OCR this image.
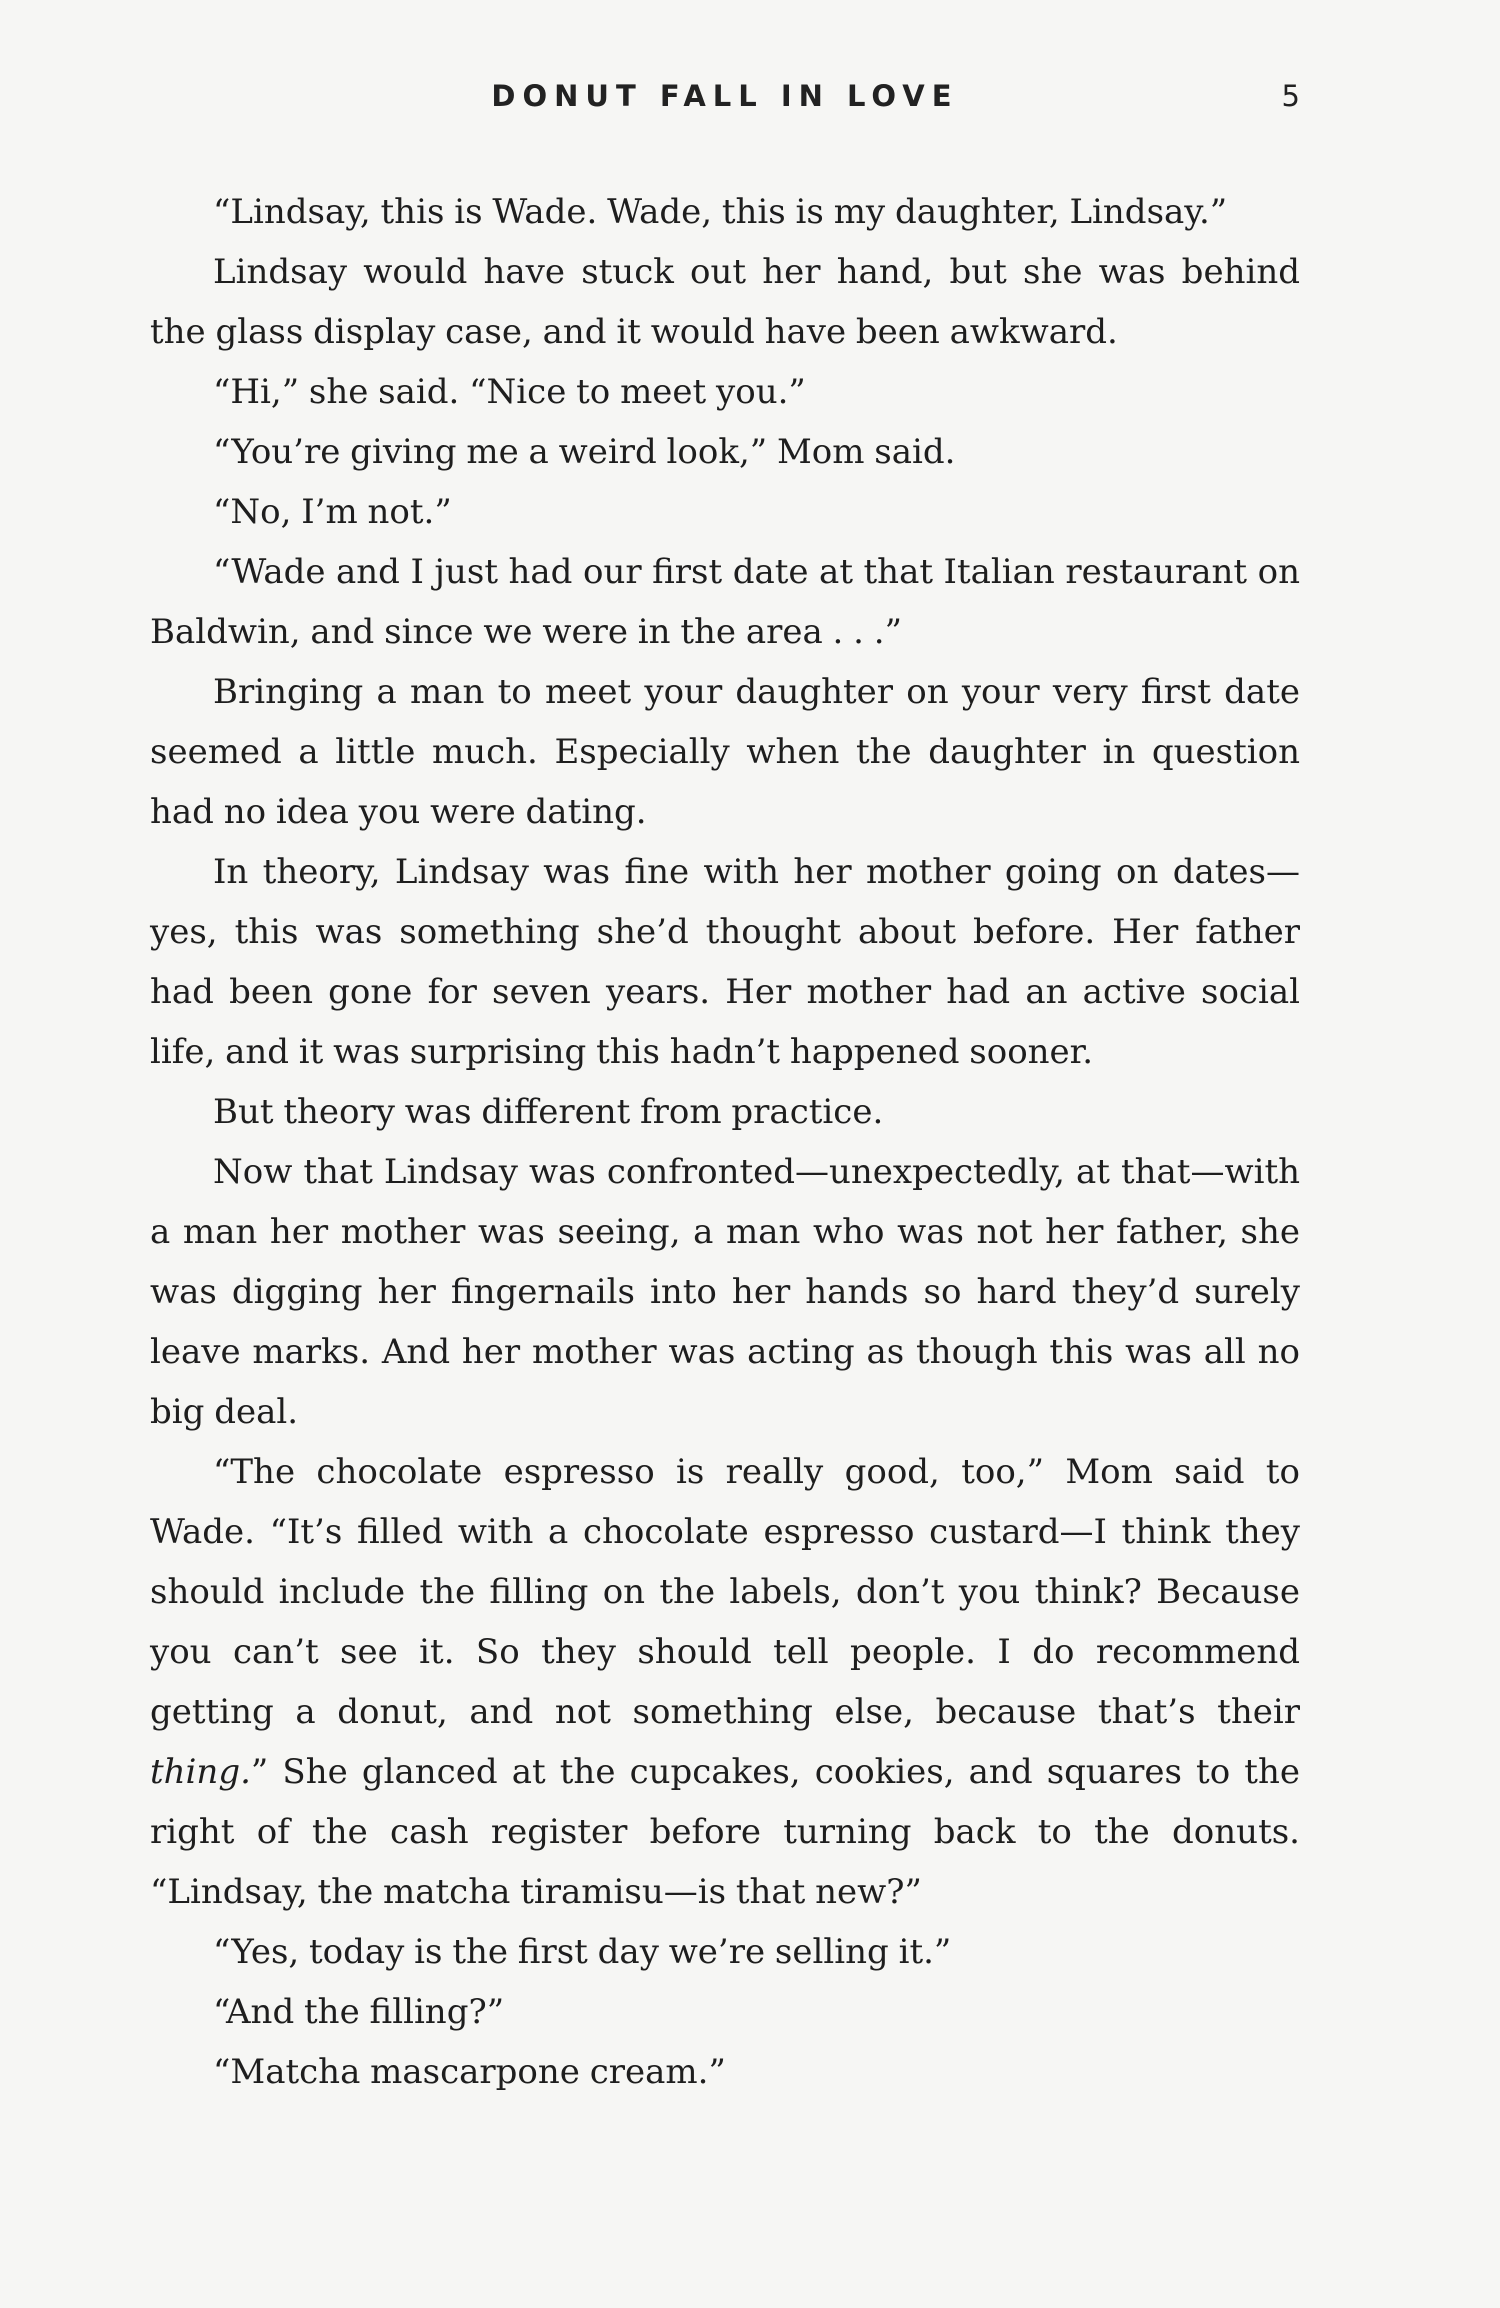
DONUT FALL IN LOVE	5

“Lindsay, this is Wade. Wade, this is my daughter, Lindsay.”

Lindsay would have stuck out her hand, but she was behind the glass display case, and it would have been awkward.

“Hi,” she said. “Nice to meet you.”

“You’re giving me a weird look,” Mom said.

“No, I’m not.”

“Wade and I just had our first date at that Italian restaurant on Baldwin, and since we were in the area . . .”

Bringing a man to meet your daughter on your very first date seemed a little much. Especially when the daughter in question had no idea you were dating.

In theory, Lindsay was fine with her mother going on dates—yes, this was something she’d thought about before. Her father had been gone for seven years. Her mother had an active social life, and it was surprising this hadn’t happened sooner.

But theory was different from practice.

Now that Lindsay was confronted—unexpectedly, at that—with a man her mother was seeing, a man who was not her father, she was digging her fingernails into her hands so hard they’d surely leave marks. And her mother was acting as though this was all no big deal.

“The chocolate espresso is really good, too,” Mom said to Wade. “It’s filled with a chocolate espresso custard—I think they should include the filling on the labels, don’t you think? Because you can’t see it. So they should tell people. I do recommend getting a donut, and not something else, because that’s their thing.” She glanced at the cupcakes, cookies, and squares to the right of the cash register before turning back to the donuts. “Lindsay, the matcha tiramisu—is that new?”

“Yes, today is the first day we’re selling it.”

“And the filling?”

“Matcha mascarpone cream.”
